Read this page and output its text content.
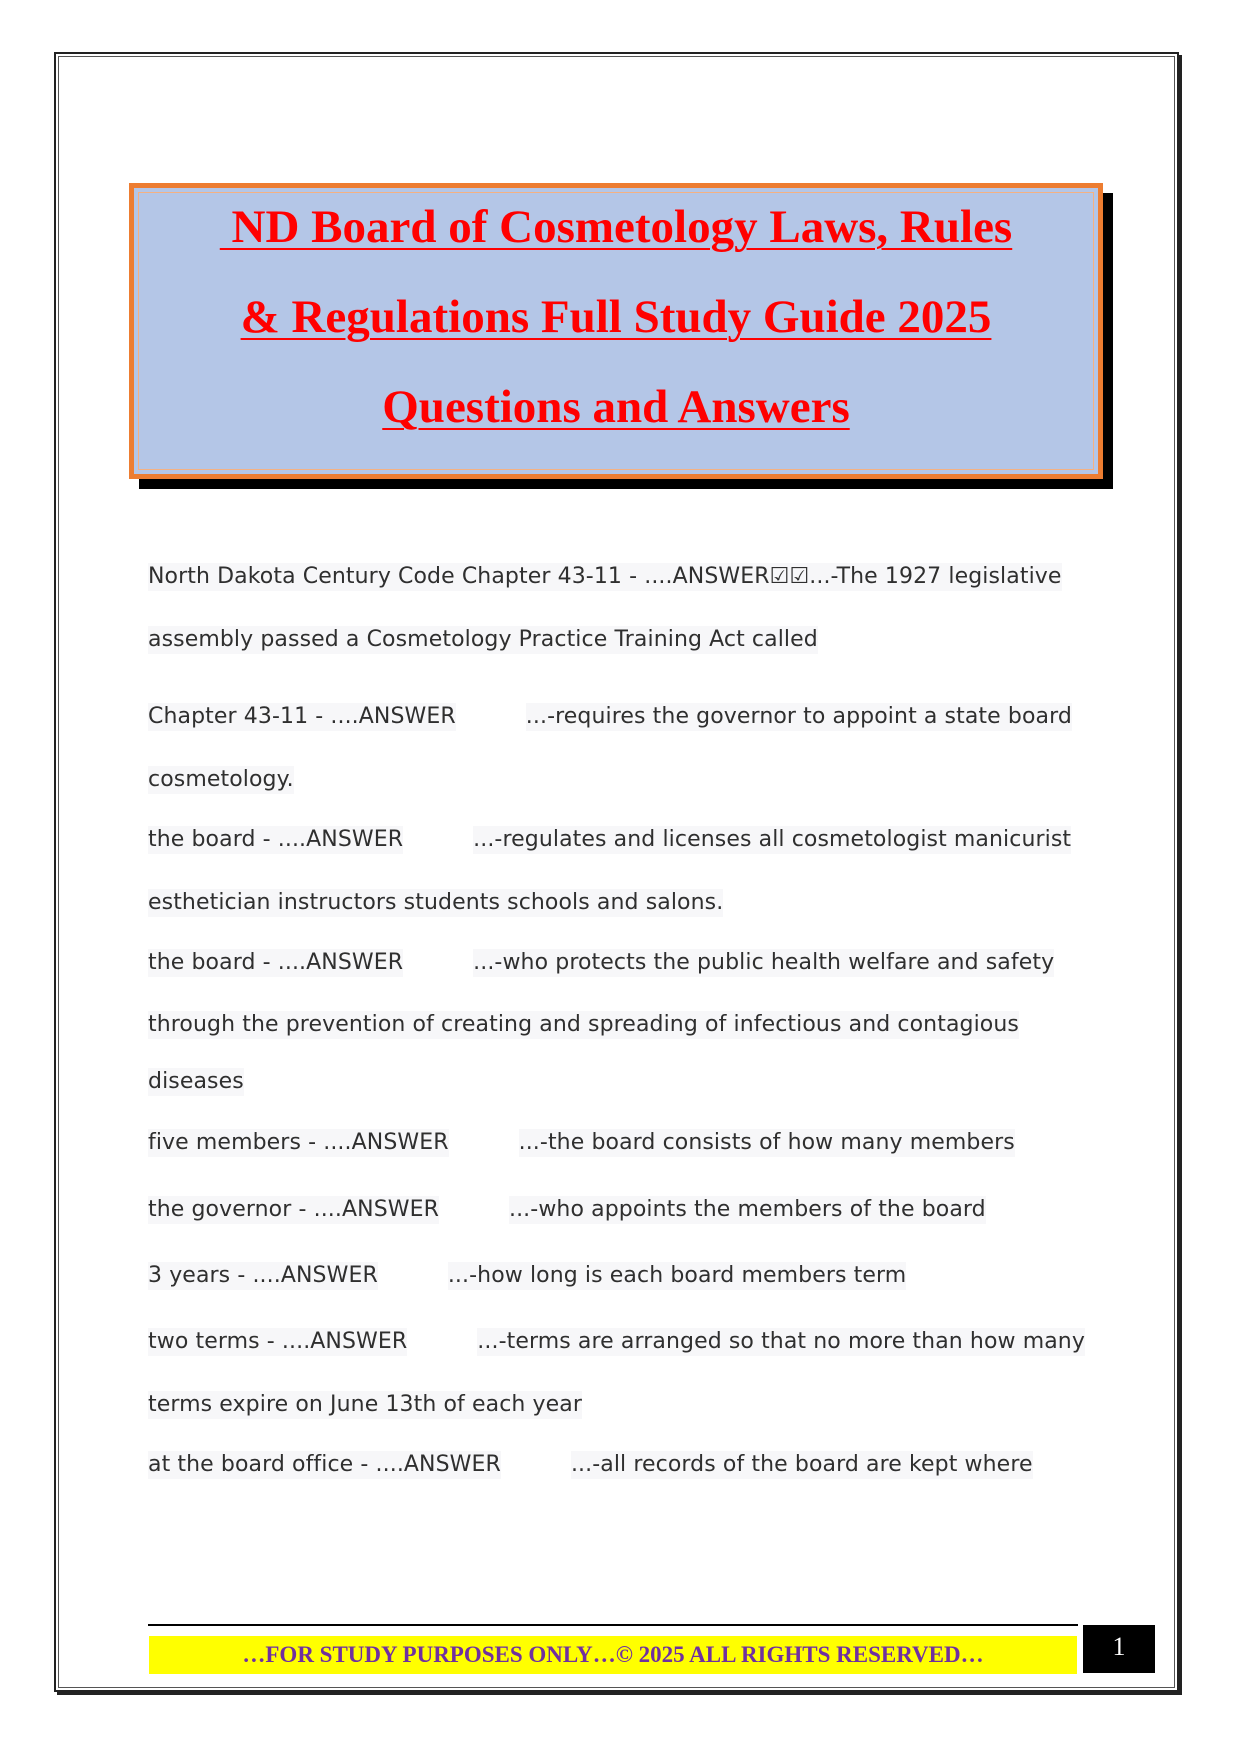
ND Board of Cosmetology Laws, Rules
& Regulations Full Study Guide 2025
Questions and Answers
North Dakota Century Code Chapter 43-11 - ....ANSWER☑☑...-The 1927 legislative
assembly passed a Cosmetology Practice Training Act called
Chapter 43-11 - ....ANSWER	...-requires the governor to appoint a state board
cosmetology.
the board - ....ANSWER	...-regulates and licenses all cosmetologist manicurist
esthetician instructors students schools and salons.
the board - ....ANSWER	...-who protects the public health welfare and safety
through the prevention of creating and spreading of infectious and contagious
diseases
five members - ....ANSWER	...-the board consists of how many members
the governor - ....ANSWER	...-who appoints the members of the board
3 years - ....ANSWER	...-how long is each board members term
two terms - ....ANSWER	...-terms are arranged so that no more than how many
terms expire on June 13th of each year
at the board office - ....ANSWER	...-all records of the board are kept where
…FOR STUDY PURPOSES ONLY…© 2025 ALL RIGHTS RESERVED…	1
